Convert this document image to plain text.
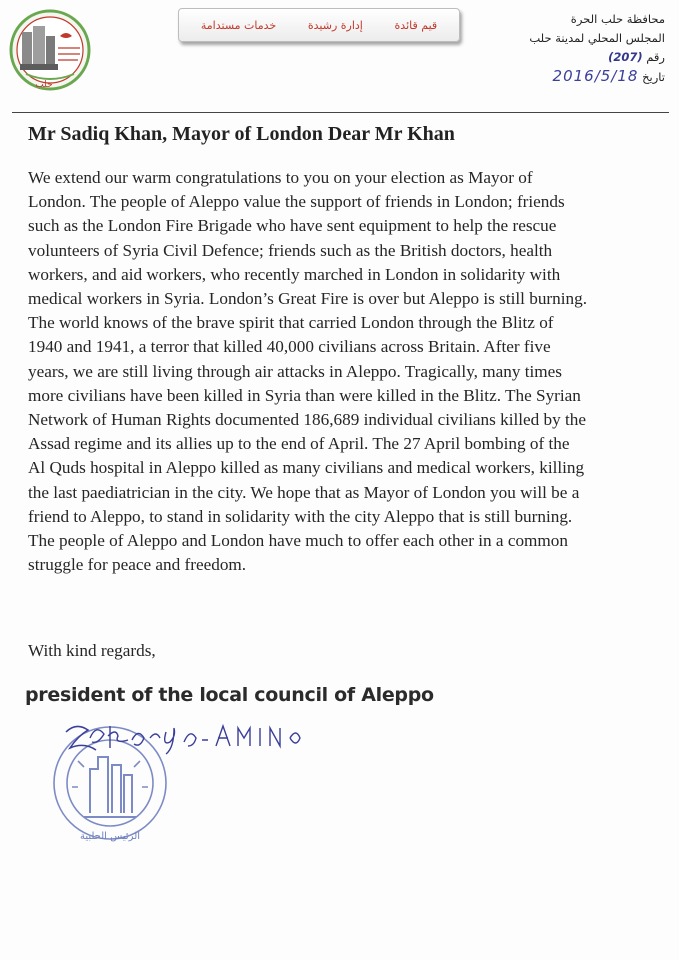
حلب
قيم قائدة
إدارة رشيدة
خدمات مستدامة	محافظة حلب الحرة
المجلس المحلي لمدينة حلب
رقم (207)
تاريخ 2016/5/18
Mr Sadiq Khan, Mayor of London Dear Mr Khan

We extend our warm congratulations to you on your election as Mayor of
London. The people of Aleppo value the support of friends in London; friends
such as the London Fire Brigade who have sent equipment to help the rescue
volunteers of Syria Civil Defence; friends such as the British doctors, health
workers, and aid workers, who recently marched in London in solidarity with
medical workers in Syria. London’s Great Fire is over but Aleppo is still burning.
The world knows of the brave spirit that carried London through the Blitz of
1940 and 1941, a terror that killed 40,000 civilians across Britain. After five
years, we are still living through air attacks in Aleppo. Tragically, many times
more civilians have been killed in Syria than were killed in the Blitz. The Syrian
Network of Human Rights documented 186,689 individual civilians killed by the
Assad regime and its allies up to the end of April. The 27 April bombing of the
Al Quds hospital in Aleppo killed as many civilians and medical workers, killing
the last paediatrician in the city. We hope that as Mayor of London you will be a
friend to Aleppo, to stand in solidarity with the city Aleppo that is still burning.
The people of Aleppo and London have much to offer each other in a common
struggle for peace and freedom.

With kind regards,
president of the local council of Aleppo
الرئيس الحلبية
